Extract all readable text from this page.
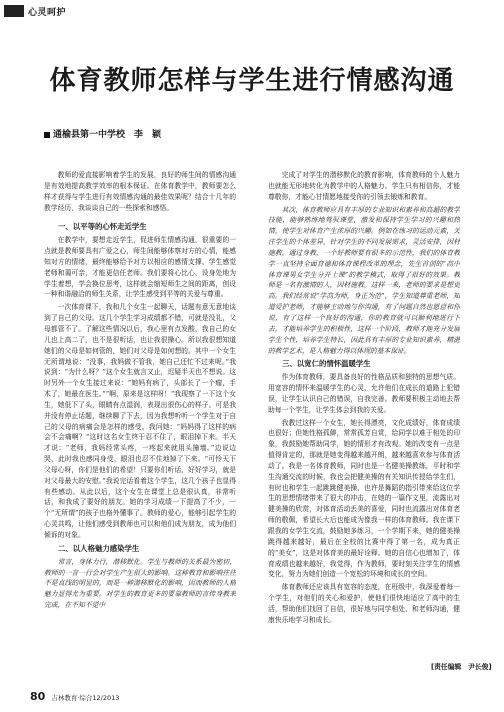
心灵呵护
体育教师怎样与学生进行情感沟通
通榆县第一中学校　李　颖

教师的爱直接影响着学生的发展，良好的师生间的情感沟通是有效地提高教学效率的根本保证。在体育教学中，教师要怎么样才获得与学生进行有效情感沟通的最佳效果呢？结合十几年的教学经历，我谈谈自己的一些探索和感悟。

一、以平等的心怀走近学生

在教学中，要想走近学生，促进师生情感沟通，很重要的一点就是教师要具有广爱之心，师生间能够体察对方的心情，能感知对方的情绪，最终能够给予对方以相应的感情支撑。学生感觉老师和蔼可亲，才能更信任老师。我们要将心比心，设身处地为学生着想，学会换位思考，这样就会缩短师生之间的距离，创设一种和谐融洽的师生关系，让学生感受到平等的关爱与尊重。

一次体育课下，我和几个女生一起聊天，话题有意无意地谈到了自己的父母。这几个学生学习成绩都不错，可就是没礼，父母都管不了。了解这些情况以后，我心里有点发酸，我自己的女儿也上高二了，也不是很听话，也让我很操心。所以我很想知道她们的父母是如何管的，她们对父母是如何想的。其中一个女生无所谓地说：“没事，我妈做不管我，她自己还忙不过来呢。”我说到：“为什么呀？”这个女生就言又止，迟疑半天也不想说。这时另外一个女生接过来说：“她妈有病了，头部长了一个瘤，手术了，她最在医生。”“啊，原来是这样呀！”我现察了一下这个女生，她低下了头，眼睛有点湿润，表现出很伤心的样子。可是我并没有停止话题，继续聊了下去，因为我想听听一个学生对于自己的父母的病痛会是怎样的感受。我问她：“妈妈得了这样的病会不会痛啊？”这时这名女生终于忍不住了，眼泪掉下来。半天才说：“老师，我妈经常头疼，一疼起来就用头撞墙。”边说边哭，此时我也感同身受，眼泪也忍不住地掉了下来。“可怜天下父母心呀，你们是他们的希望！只要你们听话，好好学习，就是对父母最大的安慰。”我说完话看着这个学生，这几个孩子也显得有些感动。从此以后，这个女生在课堂上总是很认真，非常听话，和我成了要好的朋友。她的学习成绩一下提高了不少，一个“无所谓”的孩子也格外懂事了。教师的爱心，能够引起学生的心灵共鸣，让他们感受到教师也可以和他们成为朋友，成为他们倾诉的对象。

二、以人格魅力感染学生

常言，身体力行，潜移默化。学生与教师的关系最为密切，教师的一言一行会对学生产生很大的影响。这种教育和影响往往不是直线的明显的，而是一种潜移默化的影响，因而教师的人格魅力显得尤为重要。对学生的教育更多的要靠教师的言传身教来完成，在不知不觉中

完成了对学生的潜移默化的教育影响，体育教师的个人魅力也就能无形地转化为教学中的人格魅力。学生只有相信你，才能尊敬你，才能心甘情愿地接受你的引领去锻炼和教育。

其次，体育教师应具有丰厚的专业知识和素养和高超的教学技能，能够熟练地驾驭课堂，激发和保持学生学习的兴趣和热情，使学生对体育产生浓厚的兴趣。例如在练习的运动元素，关注学生的个体差异，针对学生的不同发展需求，灵活安排，因材施教。通过身教，一个好教师要有很多的示范性，我们的体育教学一直坚持全面育德和体育课程改革的理念，先生首创的“高中体育课男女学生分开上课”的教学模式，取得了很好的效果。教师是一名有激情的人，因材施教。这样一来，老师的要求是想更高。我们经常说“学高为师，身正为范”，学生知道尊重老师，知道爱护老师，才能够主动地与你沟通，有了问题自然也愿意和你说，有了这样一个良好的沟通，你的教育就可以顺利地进行下去，才能培养学生的积极性，这样一个阶段，教师才能充分发展学生个性，培养学生特长，因此具有丰厚的专业知识素养，精湛的教学艺术，是人格魅力得以体现的基本保证。

三、以宽仁的情怀温暖学生

作为体育教师，要具备良好的性格品质和独特的思想气质。用宽容的情怀来温暖学生的心灵，允许他们在成长的道路上犯错误，让学生认识自己的错误，自我完善。教师要积极主动地去帮助每一个学生，让学生体会到我的关爱。

我教过这样一个女生，她长得漂亮，文化成绩好，体育成绩也很好；但她性格孤僻，常常孤芳自赏，给同学以难于相处的印象，我鼓励她帮助同学，她的情形才有改观。她的改变有一点是值得肯定的，那就是她变得越来越开朗，越来越喜欢参与体育活动了。我是一名体育教师，同时也是一名健美操教练，平时和学生沟通交流的时候，我也会把健美操的有关知识传授给学生们，有时也和学生一起跳跳健美操，也许是舞蹈的指引带来给这位学生的思想情绪带来了很大的冲击，在她的一篇作文里，流露出对健美操的欣赏，对体育活动丢美的喜爱，同时也流露出对体育老师的敬佩，希望长大后也能成为像我一样的体育教师。我在课下跟我的女学生交流，鼓励她多练习，一个学期下来，她的健美操跳得越来越好，最后在全校的比赛中得了第一名，成为真正的“美女”，这是对体育美的最好诠释。她的自信心也增加了，体育成绩也越来越好，我觉得，作为教师，要时刻关注学生的情感变化，努力为她们创造一个宽松的环境和成长的空间。

体育教师还应该具有宽容的态度，在班级中，我深爱着每一个学生，对他们的关心和爱护，使他们很快地适应了高中的生活，帮助他们找回了自信，很好地与同学相处，和老师沟通，健康快乐地学习和成长。

[责任编辑　尹长俊]
80 吉林教育·综合12/2013
